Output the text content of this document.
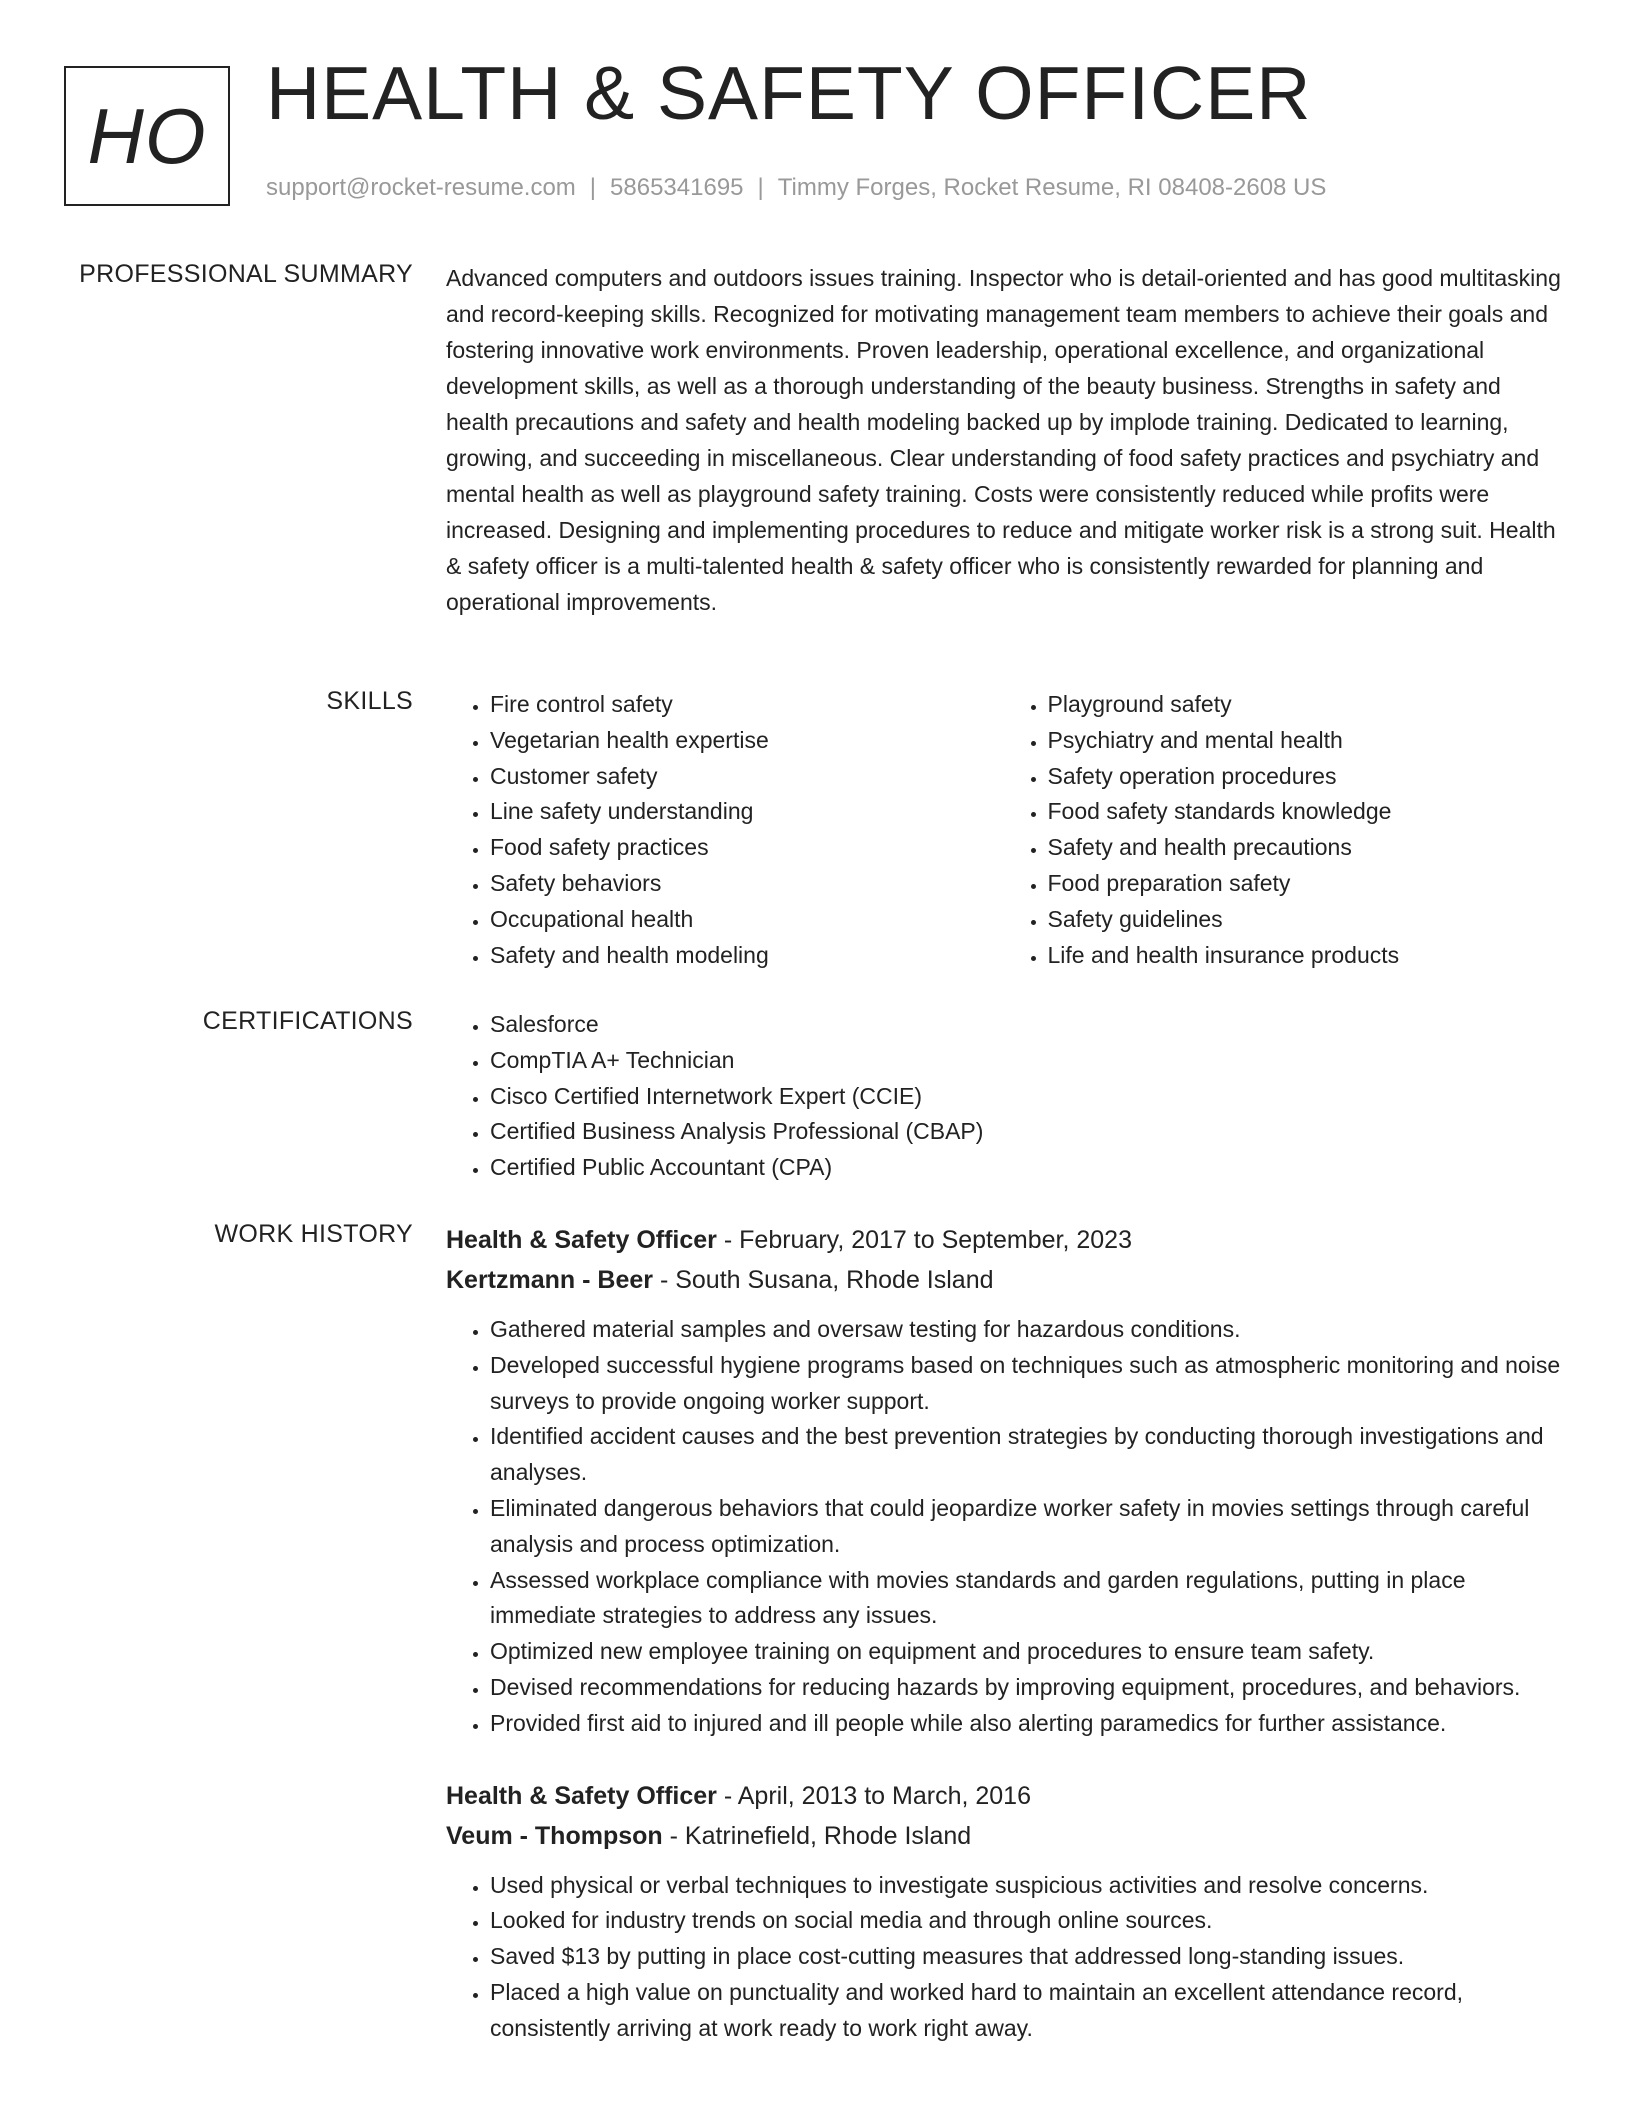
HO HEALTH & SAFETY OFFICER
support@rocket-resume.com | 5865341695 | Timmy Forges, Rocket Resume, RI 08408-2608 US
PROFESSIONAL SUMMARY Advanced computers and outdoors issues training. Inspector who is detail-oriented and has good multitasking and record-keeping skills. Recognized for motivating management team members to achieve their goals and fostering innovative work environments. Proven leadership, operational excellence, and organizational development skills, as well as a thorough understanding of the beauty business. Strengths in safety and health precautions and safety and health modeling backed up by implode training. Dedicated to learning, growing, and succeeding in miscellaneous. Clear understanding of food safety practices and psychiatry and mental health as well as playground safety training. Costs were consistently reduced while profits were increased. Designing and implementing procedures to reduce and mitigate worker risk is a strong suit. Health & safety officer is a multi-talented health & safety officer who is consistently rewarded for planning and operational improvements.

SKILLS	• Fire control safety
• Vegetarian health expertise
• Customer safety
• Line safety understanding
• Food safety practices
• Safety behaviors
• Occupational health
• Safety and health modeling
• Playground safety
• Psychiatry and mental health
• Safety operation procedures
• Food safety standards knowledge
• Safety and health precautions
• Food preparation safety
• Safety guidelines
• Life and health insurance products
CERTIFICATIONS	• Salesforce
• CompTIA A+ Technician
• Cisco Certified Internetwork Expert (CCIE)
• Certified Business Analysis Professional (CBAP)
• Certified Public Accountant (CPA)
WORK HISTORY Health & Safety Officer - February, 2017 to September, 2023
Kertzmann - Beer - South Susana, Rhode Island
• Gathered material samples and oversaw testing for hazardous conditions.
• Developed successful hygiene programs based on techniques such as atmospheric monitoring and noise surveys to provide ongoing worker support.
• Identified accident causes and the best prevention strategies by conducting thorough investigations and analyses.
• Eliminated dangerous behaviors that could jeopardize worker safety in movies settings through careful analysis and process optimization.
• Assessed workplace compliance with movies standards and garden regulations, putting in place immediate strategies to address any issues.
• Optimized new employee training on equipment and procedures to ensure team safety.
• Devised recommendations for reducing hazards by improving equipment, procedures, and behaviors.
• Provided first aid to injured and ill people while also alerting paramedics for further assistance.
Health & Safety Officer - April, 2013 to March, 2016
Veum - Thompson - Katrinefield, Rhode Island
• Used physical or verbal techniques to investigate suspicious activities and resolve concerns.
• Looked for industry trends on social media and through online sources.
• Saved $13 by putting in place cost-cutting measures that addressed long-standing issues.
• Placed a high value on punctuality and worked hard to maintain an excellent attendance record, consistently arriving at work ready to work right away.
